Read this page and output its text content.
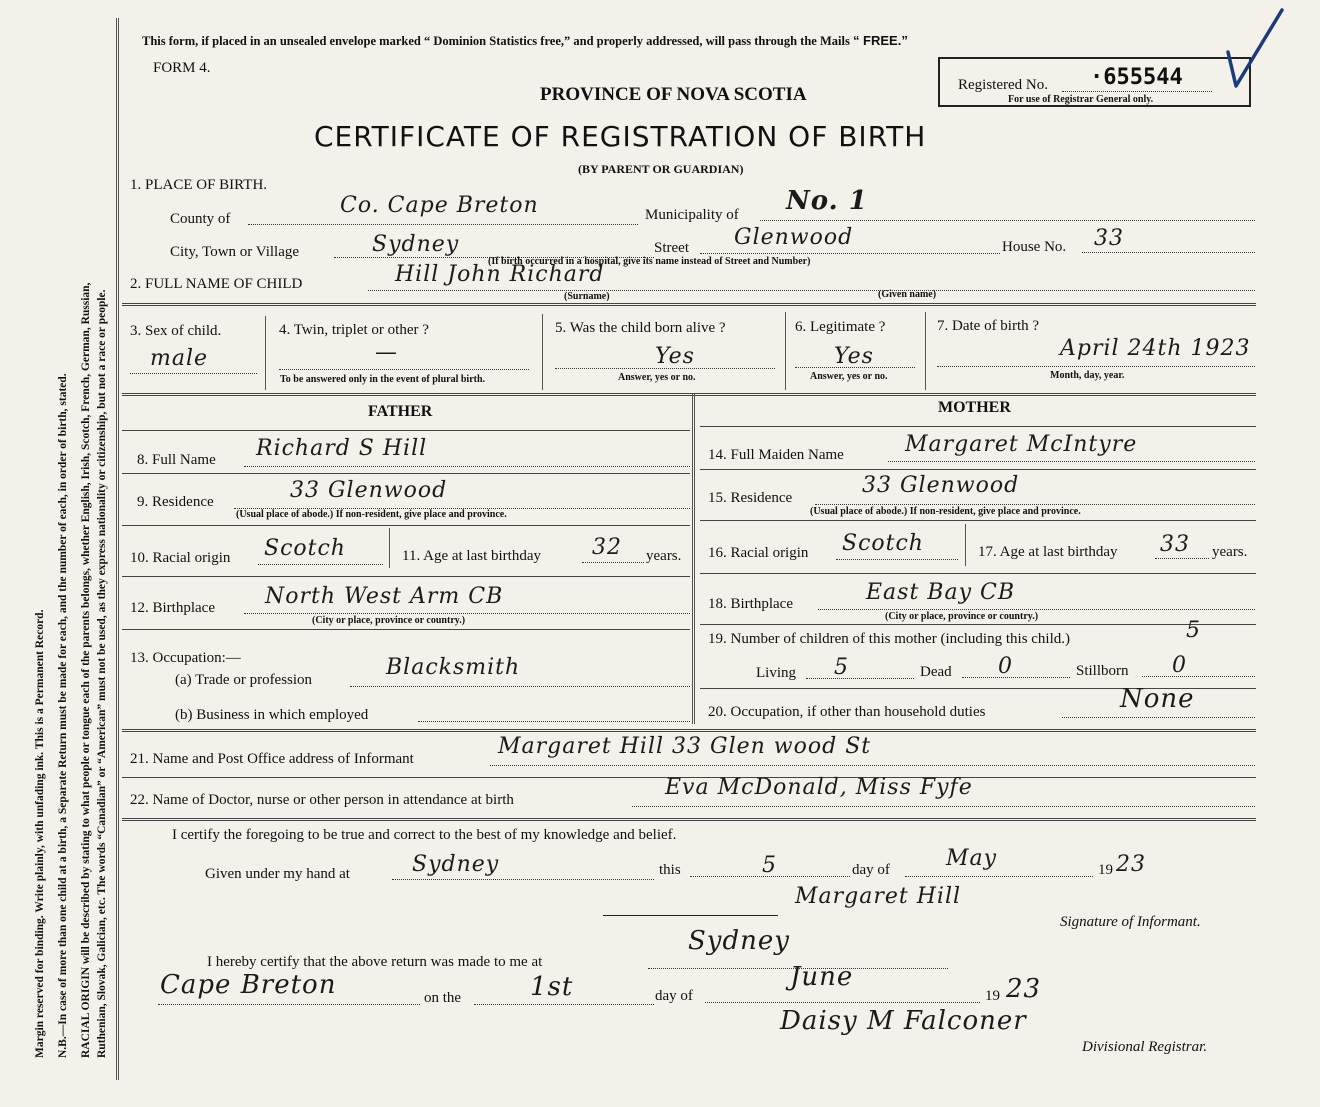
Margin reserved for binding. Write plainly, with unfading ink. This is a Permanent Record. N.B.—In case of more than one child at a birth, a Separate Return must be made for each, and the number of each, in order of birth, stated. RACIAL ORIGIN will be described by stating to what people or tongue each of the parents belongs, whether English, Irish, Scotch, French, German, Russian, Ruthenian, Slovak, Galician, etc. The words “Canadian” or “American” must not be used, as they express nationality or citizenship, but not a race or people.
This form, if placed in an unsealed envelope marked “ Dominion Statistics free,” and properly addressed, will pass through the Mails “ FREE.”
FORM 4.
PROVINCE OF NOVA SCOTIA
CERTIFICATE OF REGISTRATION OF BIRTH
(BY PARENT OR GUARDIAN)
Registered No. ·655544
For use of Registrar General only.
1. PLACE OF BIRTH.
County of
Co. Cape Breton	Municipality of No. 1
City, Town or Village	Sydney	Street Glenwood	House No. 33
(If birth occurred in a hospital, give its name instead of Street and Number)
2. FULL NAME OF CHILD	Hill John Richard
(Surname)	(Given name)
3. Sex of child.
male
4. Twin, triplet or other ?
—
To be answered only in the event of plural birth.
5. Was the child born alive ?
Yes
Answer, yes or no.
6. Legitimate ?
Yes
Answer, yes or no.
7. Date of birth ?
April 24th 1923
Month, day, year.
FATHER
8. Full Name Richard S Hill
9. Residence	33 Glenwood
(Usual place of abode.) If non-resident, give place and province.
10. Racial origin Scotch	11. Age at last birthday 32 years.
12. Birthplace North West Arm CB
(City or place, province or country.)
13. Occupation:—
(a) Trade or profession	Blacksmith
(b) Business in which employed
MOTHER
14. Full Maiden Name	Margaret McIntyre
15. Residence	33 Glenwood
(Usual place of abode.) If non-resident, give place and province.
16. Racial origin Scotch	17. Age at last birthday 33 years.
18. Birthplace	East Bay CB
(City or place, province or country.)
19. Number of children of this mother (including this child.)	5
Living 5	Dead 0	Stillborn 0
20. Occupation, if other than household duties	None
21. Name and Post Office address of Informant	Margaret Hill 33 Glen wood St
22. Name of Doctor, nurse or other person in attendance at birth	Eva McDonald, Miss Fyfe
I certify the foregoing to be true and correct to the best of my knowledge and belief.
Given under my hand at	Sydney	this	5	day of	May	19 23
Margaret Hill
Signature of Informant.
I hereby certify that the above return was made to me at
Sydney
Cape Breton	on the	1st	day of
June
19 23
Daisy M Falconer
Divisional Registrar.
